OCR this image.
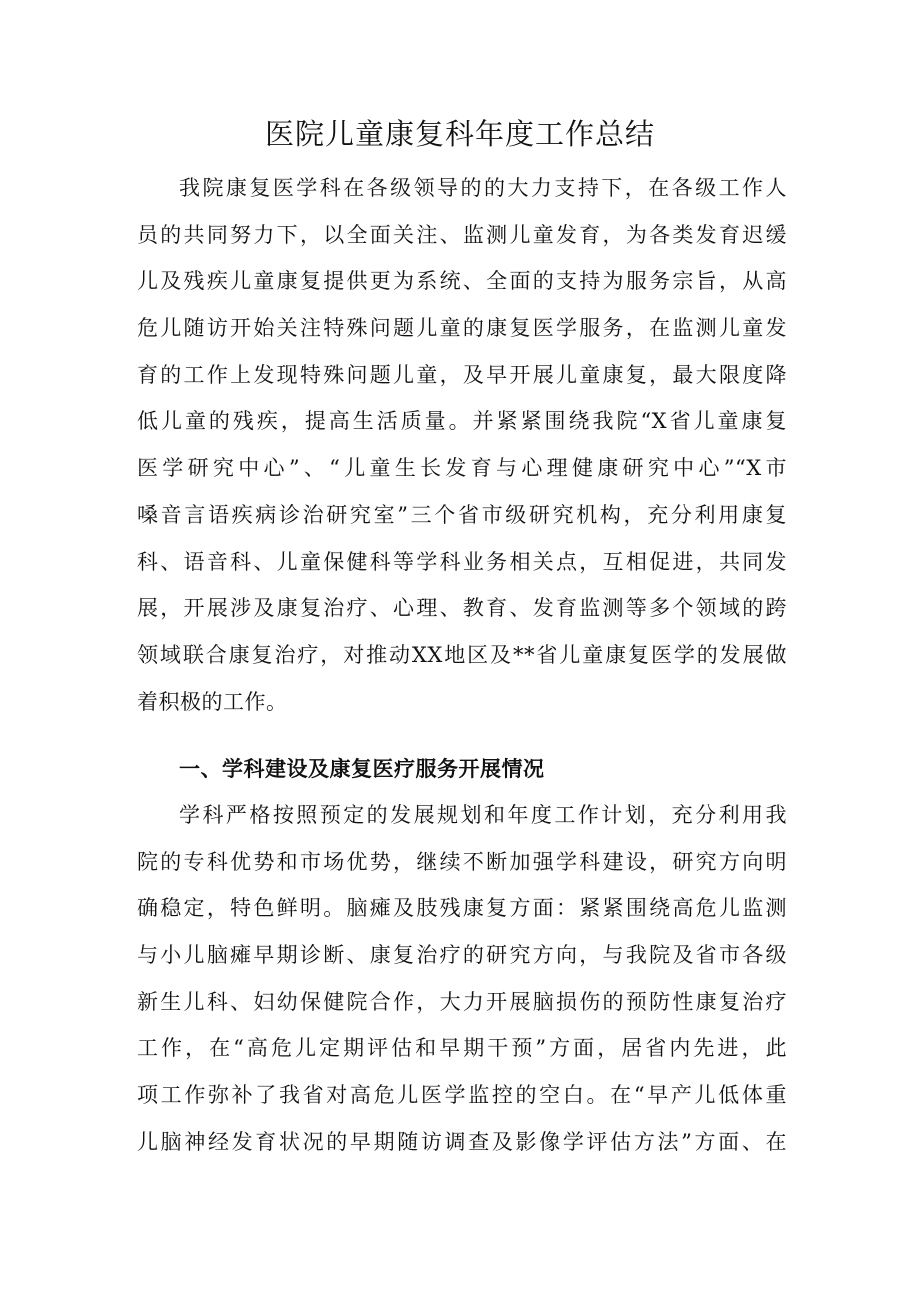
医院儿童康复科年度工作总结
我院康复医学科在各级领导的的大力支持下，在各级工作人
员的共同努力下，以全面关注、监测儿童发育，为各类发育迟缓
儿及残疾儿童康复提供更为系统、全面的支持为服务宗旨，从高
危儿随访开始关注特殊问题儿童的康复医学服务，在监测儿童发
育的工作上发现特殊问题儿童，及早开展儿童康复，最大限度降
低儿童的残疾，提高生活质量。并紧紧围绕我院“X省儿童康复
医学研究中心”、“儿童生长发育与心理健康研究中心”“X市
嗓音言语疾病诊治研究室”三个省市级研究机构，充分利用康复
科、语音科、儿童保健科等学科业务相关点，互相促进，共同发
展，开展涉及康复治疗、心理、教育、发育监测等多个领域的跨
领域联合康复治疗，对推动XX地区及**省儿童康复医学的发展做
着积极的工作。
一、学科建设及康复医疗服务开展情况
学科严格按照预定的发展规划和年度工作计划，充分利用我
院的专科优势和市场优势，继续不断加强学科建设，研究方向明
确稳定，特色鲜明。脑瘫及肢残康复方面：紧紧围绕高危儿监测
与小儿脑瘫早期诊断、康复治疗的研究方向，与我院及省市各级
新生儿科、妇幼保健院合作，大力开展脑损伤的预防性康复治疗
工作，在“高危儿定期评估和早期干预”方面，居省内先进，此
项工作弥补了我省对高危儿医学监控的空白。在“早产儿低体重
儿脑神经发育状况的早期随访调查及影像学评估方法”方面、在
